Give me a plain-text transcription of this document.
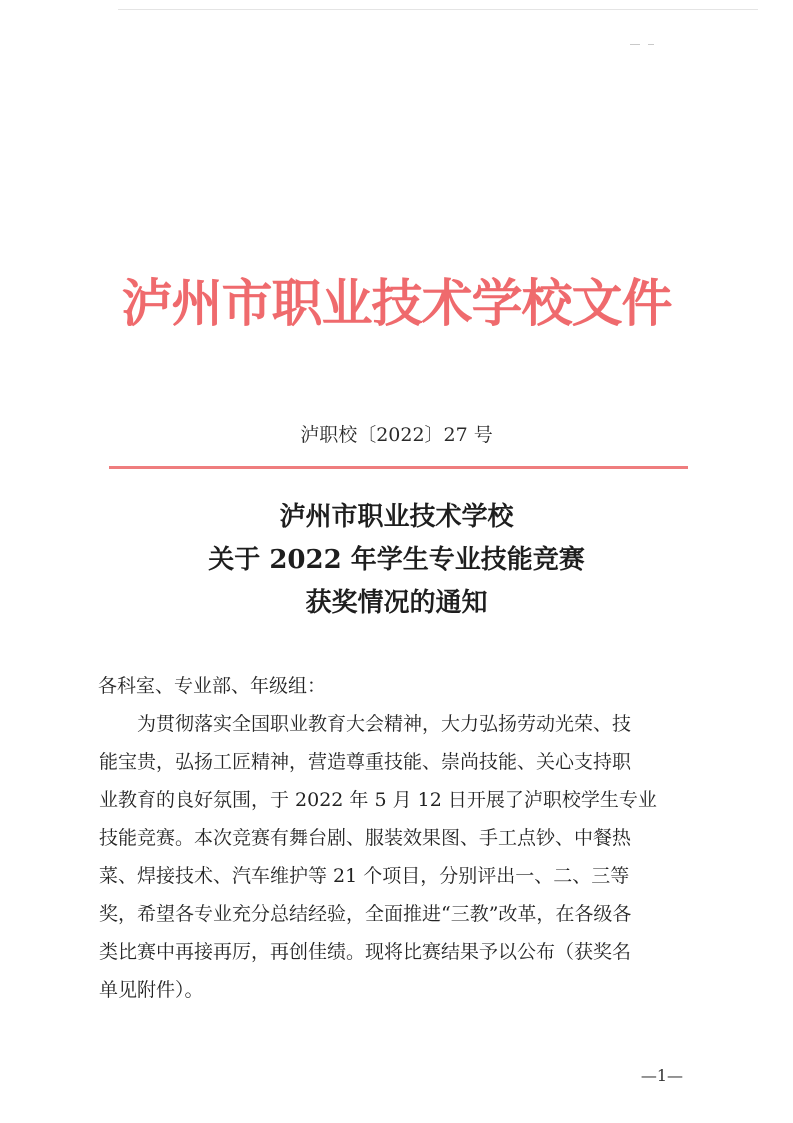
泸州市职业技术学校文件
泸职校〔2022〕27 号
泸州市职业技术学校
关于 2022 年学生专业技能竞赛
获奖情况的通知
各科室、专业部、年级组：
为贯彻落实全国职业教育大会精神，大力弘扬劳动光荣、技
能宝贵，弘扬工匠精神，营造尊重技能、崇尚技能、关心支持职
业教育的良好氛围，于 2022 年 5 月 12 日开展了泸职校学生专业
技能竞赛。本次竞赛有舞台剧、服装效果图、手工点钞、中餐热
菜、焊接技术、汽车维护等 21 个项目，分别评出一、二、三等
奖，希望各专业充分总结经验，全面推进“三教”改革，在各级各
类比赛中再接再厉，再创佳绩。现将比赛结果予以公布（获奖名
单见附件）。
—1—
